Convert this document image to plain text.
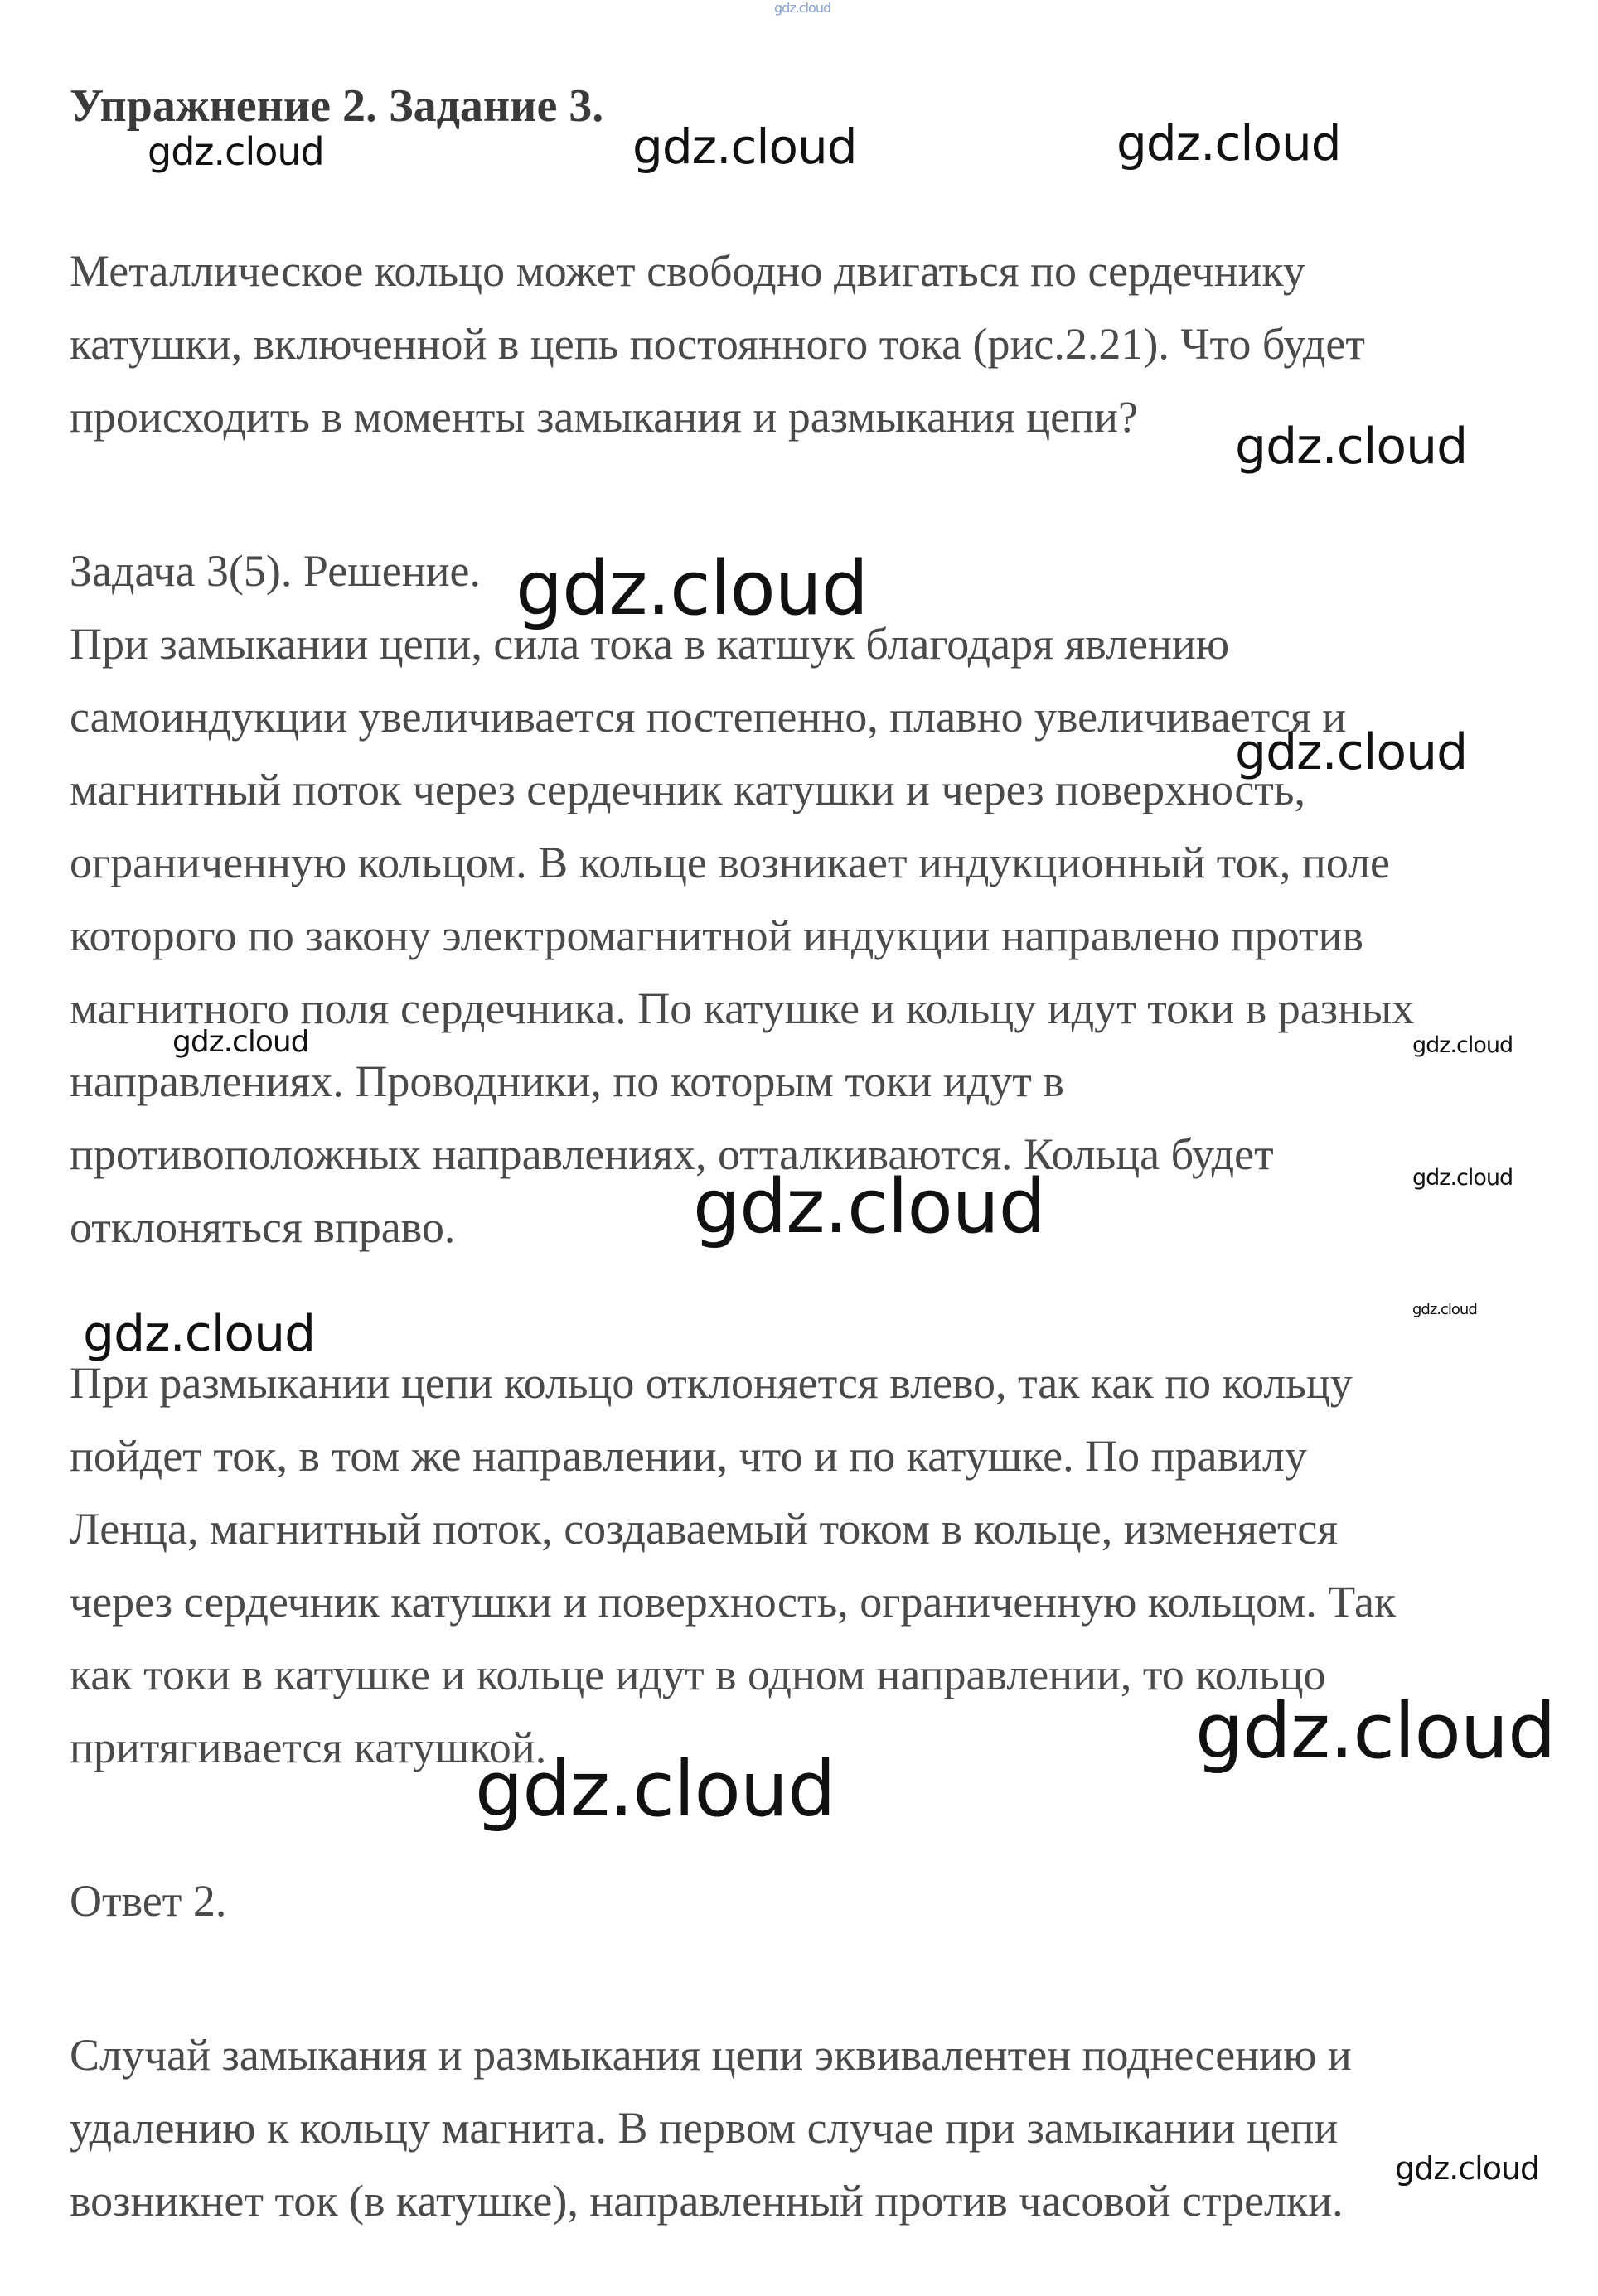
Упражнение 2. Задание 3.

Металлическое кольцо может свободно двигаться по сердечнику
катушки, включенной в цепь постоянного тока (рис.2.21). Что будет
происходить в моменты замыкания и размыкания цепи?

Задача 3(5). Решение.
При замыкании цепи, сила тока в катшук благодаря явлению
самоиндукции увеличивается постепенно, плавно увеличивается и
магнитный поток через сердечник катушки и через поверхность,
ограниченную кольцом. В кольце возникает индукционный ток, поле
которого по закону электромагнитной индукции направлено против
магнитного поля сердечника. По катушке и кольцу идут токи в разных
направлениях. Проводники, по которым токи идут в
противоположных направлениях, отталкиваются. Кольца будет
отклоняться вправо.

При размыкании цепи кольцо отклоняется влево, так как по кольцу
пойдет ток, в том же направлении, что и по катушке. По правилу
Ленца, магнитный поток, создаваемый током в кольце, изменяется
через сердечник катушки и поверхность, ограниченную кольцом. Так
как токи в катушке и кольце идут в одном направлении, то кольцо
притягивается катушкой.

Ответ 2.

Случай замыкания и размыкания цепи эквивалентен поднесению и
удалению к кольцу магнита. В первом случае при замыкании цепи
возникнет ток (в катушке), направленный против часовой стрелки.

gdz.cloud
gdz.cloud	gdz.cloud	gdz.cloud
gdz.cloud
gdz.cloud
gdz.cloud
gdz.cloud	gdz.cloud
gdz.cloud
gdz.cloud
gdz.cloud
gdz.cloud
gdz.cloud
gdz.cloud
gdz.cloud
